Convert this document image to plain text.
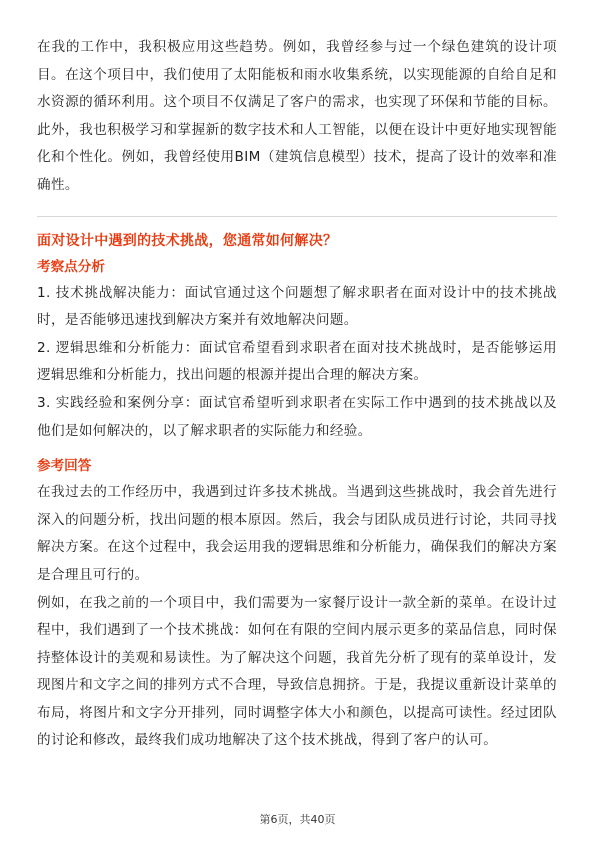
在我的工作中，我积极应用这些趋势。例如，我曾经参与过一个绿色建筑的设计项目。在这个项目中，我们使用了太阳能板和雨水收集系统，以实现能源的自给自足和水资源的循环利用。这个项目不仅满足了客户的需求，也实现了环保和节能的目标。此外，我也积极学习和掌握新的数字技术和人工智能，以便在设计中更好地实现智能化和个性化。例如，我曾经使用BIM（建筑信息模型）技术，提高了设计的效率和准确性。

面对设计中遇到的技术挑战，您通常如何解决？

考察点分析

1. 技术挑战解决能力：面试官通过这个问题想了解求职者在面对设计中的技术挑战时，是否能够迅速找到解决方案并有效地解决问题。

2. 逻辑思维和分析能力：面试官希望看到求职者在面对技术挑战时，是否能够运用逻辑思维和分析能力，找出问题的根源并提出合理的解决方案。

3. 实践经验和案例分享：面试官希望听到求职者在实际工作中遇到的技术挑战以及他们是如何解决的，以了解求职者的实际能力和经验。

参考回答

在我过去的工作经历中，我遇到过许多技术挑战。当遇到这些挑战时，我会首先进行深入的问题分析，找出问题的根本原因。然后，我会与团队成员进行讨论，共同寻找解决方案。在这个过程中，我会运用我的逻辑思维和分析能力，确保我们的解决方案是合理且可行的。

例如，在我之前的一个项目中，我们需要为一家餐厅设计一款全新的菜单。在设计过程中，我们遇到了一个技术挑战：如何在有限的空间内展示更多的菜品信息，同时保持整体设计的美观和易读性。为了解决这个问题，我首先分析了现有的菜单设计，发现图片和文字之间的排列方式不合理，导致信息拥挤。于是，我提议重新设计菜单的布局，将图片和文字分开排列，同时调整字体大小和颜色，以提高可读性。经过团队的讨论和修改，最终我们成功地解决了这个技术挑战，得到了客户的认可。

第6页，共40页
